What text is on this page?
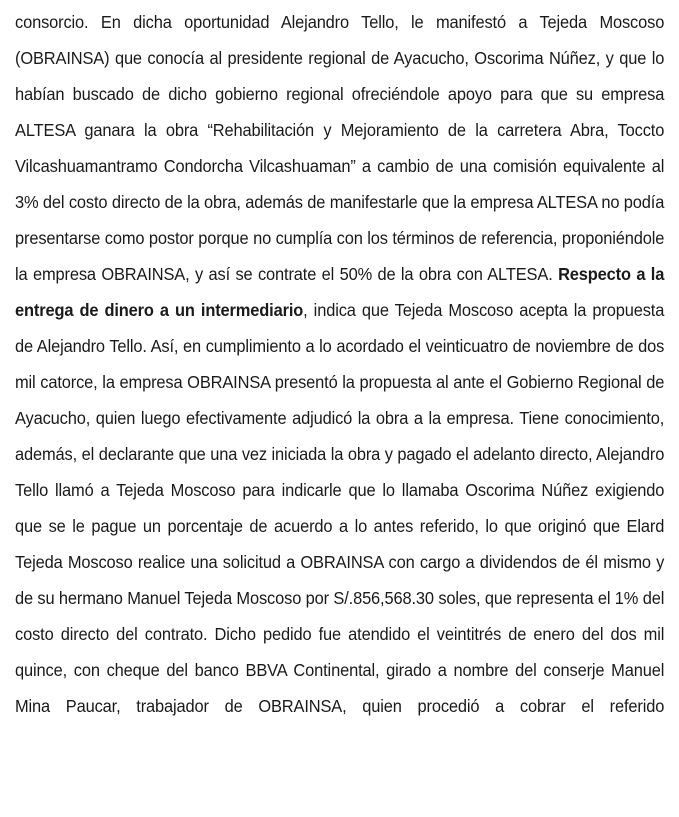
consorcio. En dicha oportunidad Alejandro Tello, le manifestó a Tejeda Moscoso (OBRAINSA) que conocía al presidente regional de Ayacucho, Oscorima Núñez, y que lo habían buscado de dicho gobierno regional ofreciéndole apoyo para que su empresa ALTESA ganara la obra “Rehabilitación y Mejoramiento de la carretera Abra, Toccto Vilcashuamantramo Condorcha Vilcashuaman” a cambio de una comisión equivalente al 3% del costo directo de la obra, además de manifestarle que la empresa ALTESA no podía presentarse como postor porque no cumplía con los términos de referencia, proponiéndole la empresa OBRAINSA, y así se contrate el 50% de la obra con ALTESA. Respecto a la entrega de dinero a un intermediario, indica que Tejeda Moscoso acepta la propuesta de Alejandro Tello. Así, en cumplimiento a lo acordado el veinticuatro de noviembre de dos mil catorce, la empresa OBRAINSA presentó la propuesta al ante el Gobierno Regional de Ayacucho, quien luego efectivamente adjudicó la obra a la empresa. Tiene conocimiento, además, el declarante que una vez iniciada la obra y pagado el adelanto directo, Alejandro Tello llamó a Tejeda Moscoso para indicarle que lo llamaba Oscorima Núñez exigiendo que se le pague un porcentaje de acuerdo a lo antes referido, lo que originó que Elard Tejeda Moscoso realice una solicitud a OBRAINSA con cargo a dividendos de él mismo y de su hermano Manuel Tejeda Moscoso por S/.856,568.30 soles, que representa el 1% del costo directo del contrato. Dicho pedido fue atendido el veintitrés de enero del dos mil quince, con cheque del banco BBVA Continental, girado a nombre del conserje Manuel Mina Paucar, trabajador de OBRAINSA, quien procedió a cobrar el referido
